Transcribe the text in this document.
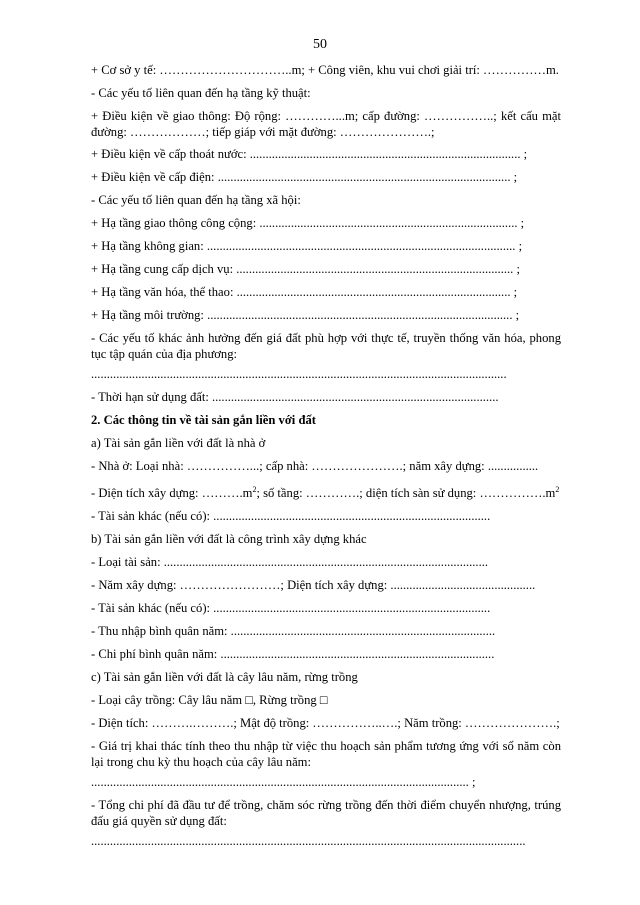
50
+ Cơ sở y tế: …………………………..m; + Công viên, khu vui chơi giải trí: ……………m.
- Các yếu tố liên quan đến hạ tầng kỹ thuật:
+ Điều kiện về giao thông: Độ rộng: …………...m; cấp đường: ……………..; kết cấu mặt đường: ………………; tiếp giáp với mặt đường: ………………….;
+ Điều kiện về cấp thoát nước: ...................................................................................... ;
+ Điều kiện về cấp điện: ............................................................................................. ;
- Các yếu tố liên quan đến hạ tầng xã hội:
+ Hạ tầng giao thông công cộng: .................................................................................. ;
+ Hạ tầng không gian: .................................................................................................. ;
+ Hạ tầng cung cấp dịch vụ: ........................................................................................ ;
+ Hạ tầng văn hóa, thể thao: ....................................................................................... ;
+ Hạ tầng môi trường: ................................................................................................. ;
- Các yếu tố khác ảnh hưởng đến giá đất phù hợp với thực tế, truyền thống văn hóa, phong tục tập quán của địa phương:
....................................................................................................................................
- Thời hạn sử dụng đất: ...........................................................................................
2. Các thông tin về tài sản gắn liền với đất
a) Tài sản gắn liền với đất là nhà ở
- Nhà ở: Loại nhà: ……………...; cấp nhà: ………………….; năm xây dựng: ................
- Diện tích xây dựng: $\dots\dots\dots.m^2$; số tầng: ………….; diện tích sàn sử dụng: $\dots\dots\dots\dots\dots.m^2$
- Tài sản khác (nếu có): ........................................................................................
b) Tài sản gắn liền với đất là công trình xây dựng khác
- Loại tài sản: .......................................................................................................
- Năm xây dựng: ……………………; Diện tích xây dựng: ..............................................
- Tài sản khác (nếu có): ........................................................................................
- Thu nhập bình quân năm: ....................................................................................
- Chi phí bình quân năm: .......................................................................................
c) Tài sản gắn liền với đất là cây lâu năm, rừng trồng
- Loại cây trồng: Cây lâu năm □, Rừng trồng □
- Diện tích: ……….……….; Mật độ trồng: ……………..….; Năm trồng: ………………….;
- Giá trị khai thác tính theo thu nhập từ việc thu hoạch sản phẩm tương ứng với số năm còn lại trong chu kỳ thu hoạch của cây lâu năm:
........................................................................................................................ ;
- Tổng chi phí đã đầu tư để trồng, chăm sóc rừng trồng đến thời điểm chuyển nhượng, trúng đấu giá quyền sử dụng đất:
..........................................................................................................................................
